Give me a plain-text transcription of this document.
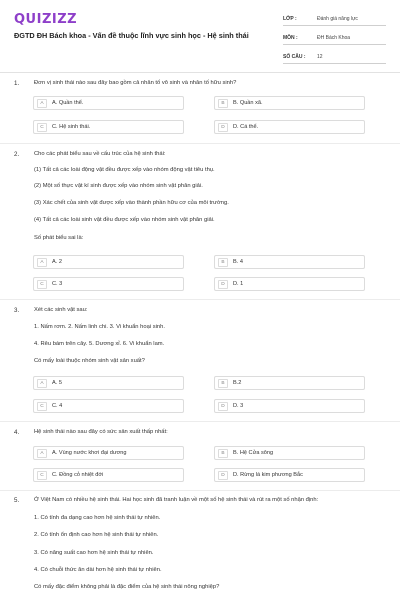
QUIZIZZ
ĐGTD ĐH Bách khoa - Vấn đề thuộc lĩnh vực sinh học - Hệ sinh thái
LỚP :	Đánh giá năng lực
MÔN :	ĐH Bách Khoa
SỐ CÂU :	12
1.	Đơn vị sinh thái nào sau đây bao gồm cả nhân tố vô sinh và nhân tố hữu sinh?
A	A. Quần thể.	B	B. Quần xã.
C	C. Hệ sinh thái.	D	D. Cá thể.
2.	Cho các phát biểu sau về cấu trúc của hệ sinh thái:
(1) Tất cả các loài động vật đều được xếp vào nhóm động vật tiêu thụ.
(2) Một số thực vật kí sinh được xếp vào nhóm sinh vật phân giải.
(3) Xác chết của sinh vật được xếp vào thành phần hữu cơ của môi trường.
(4) Tất cả các loài sinh vật đều được xếp vào nhóm sinh vật phân giải.
Số phát biểu sai là:
A	A. 2	B	B. 4
C	C. 3	D	D. 1
3.	Xét các sinh vật sau:
1. Nấm rơm. 2. Nấm linh chi. 3. Vi khuẩn hoại sinh.
4. Rêu bám trên cây. 5. Dương xỉ. 6. Vi khuẩn lam.
Có mấy loài thuộc nhóm sinh vật sản xuất?
A	A. 5	B	B.2
C	C. 4	D	D. 3
4.	Hệ sinh thái nào sau đây có sức sản xuất thấp nhất:
A	A. Vùng nước khơi đại dương	B	B. Hệ Cửa sông
C	C. Đồng cỏ nhiệt đới	D	D. Rừng lá kim phương Bắc
5.	Ở Việt Nam có nhiều hệ sinh thái. Hai học sinh đã tranh luận về một số hệ sinh thái và rút ra một số nhận định:
1. Có tính đa dạng cao hơn hệ sinh thái tự nhiên.
2. Có tính ổn định cao hơn hệ sinh thái tự nhiên.
3. Có năng suất cao hơn hệ sinh thái tự nhiên.
4. Có chuỗi thức ăn dài hơn hệ sinh thái tự nhiên.
Có mấy đặc điểm không phải là đặc điểm của hệ sinh thái nông nghiệp?
